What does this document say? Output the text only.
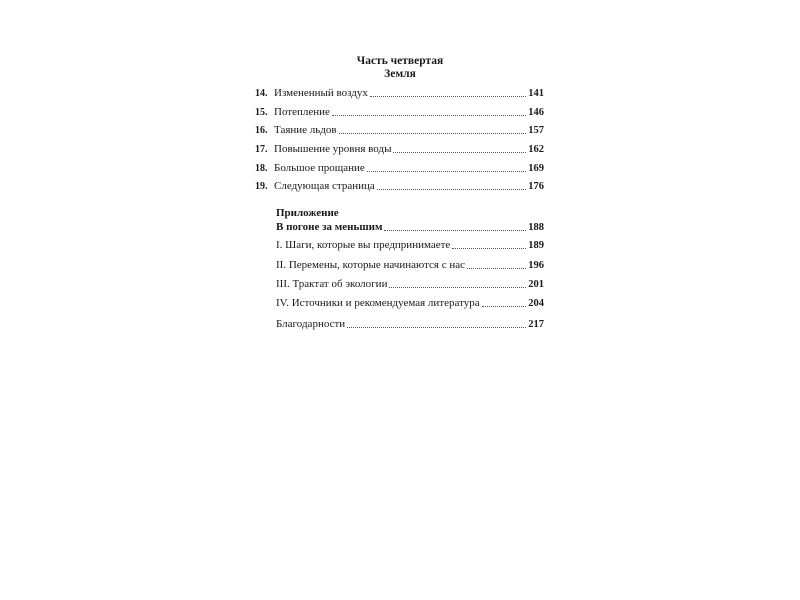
Часть четвертая
Земля
14. Измененный воздух	141
15. Потепление	146
16. Таяние льдов	157
17. Повышение уровня воды	162
18. Большое прощание	169
19. Следующая страница	176
Приложение
В погоне за меньшим	188
I. Шаги, которые вы предпринимаете	189
II. Перемены, которые начинаются с нас	196
III. Трактат об экологии	201
IV. Источники и рекомендуемая литература	204
Благодарности	217
